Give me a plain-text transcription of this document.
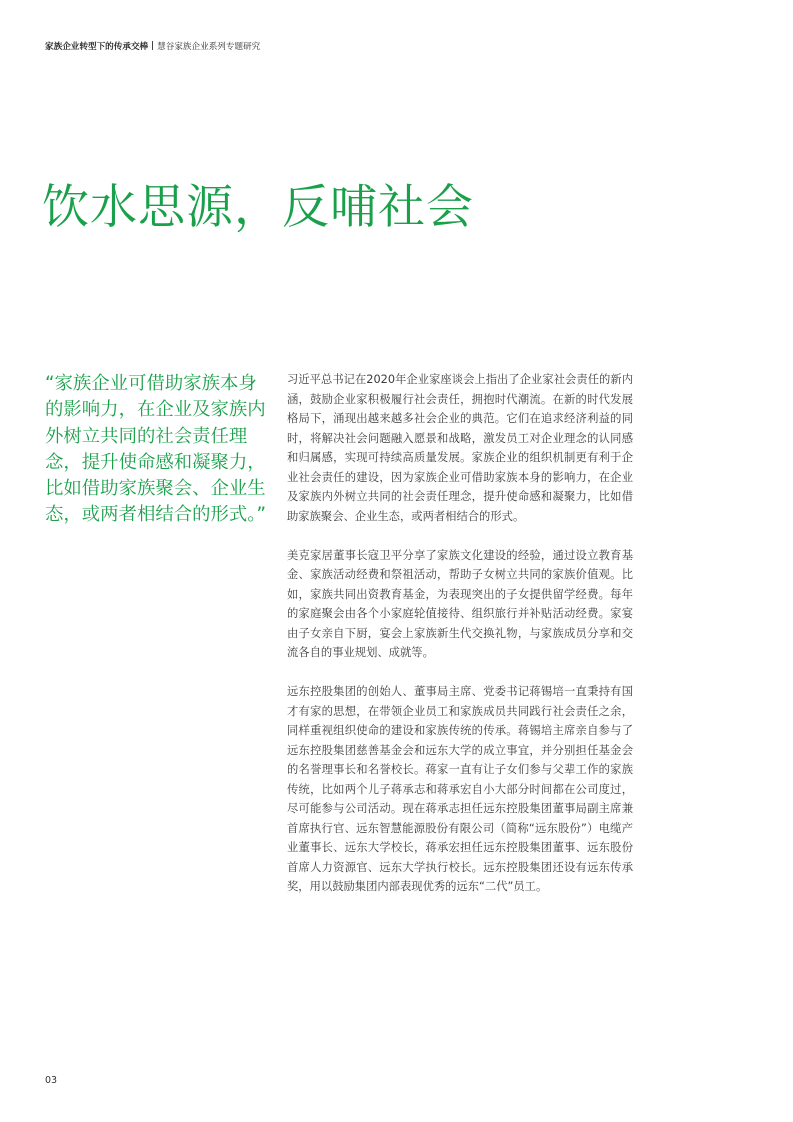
家族企业转型下的传承交棒 慧谷家族企业系列专题研究
饮水思源，反哺社会

“家族企业可借助家族本身的影响力，在企业及家族内外树立共同的社会责任理念，提升使命感和凝聚力，比如借助家族聚会、企业生态，或两者相结合的形式。”

习近平总书记在2020年企业家座谈会上指出了企业家社会责任的新内涵，鼓励企业家积极履行社会责任，拥抱时代潮流。在新的时代发展格局下，涌现出越来越多社会企业的典范。它们在追求经济利益的同时，将解决社会问题融入愿景和战略，激发员工对企业理念的认同感和归属感，实现可持续高质量发展。家族企业的组织机制更有利于企业社会责任的建设，因为家族企业可借助家族本身的影响力，在企业及家族内外树立共同的社会责任理念，提升使命感和凝聚力，比如借助家族聚会、企业生态，或两者相结合的形式。

美克家居董事长寇卫平分享了家族文化建设的经验，通过设立教育基金、家族活动经费和祭祖活动，帮助子女树立共同的家族价值观。比如，家族共同出资教育基金，为表现突出的子女提供留学经费。每年的家庭聚会由各个小家庭轮值接待、组织旅行并补贴活动经费。家宴由子女亲自下厨，宴会上家族新生代交换礼物，与家族成员分享和交流各自的事业规划、成就等。

远东控股集团的创始人、董事局主席、党委书记蒋锡培一直秉持有国才有家的思想，在带领企业员工和家族成员共同践行社会责任之余，同样重视组织使命的建设和家族传统的传承。蒋锡培主席亲自参与了远东控股集团慈善基金会和远东大学的成立事宜，并分别担任基金会的名誉理事长和名誉校长。蒋家一直有让子女们参与父辈工作的家族传统，比如两个儿子蒋承志和蒋承宏自小大部分时间都在公司度过，尽可能参与公司活动。现在蒋承志担任远东控股集团董事局副主席兼首席执行官、远东智慧能源股份有限公司（简称“远东股份”）电缆产业董事长、远东大学校长，蒋承宏担任远东控股集团董事、远东股份首席人力资源官、远东大学执行校长。远东控股集团还设有远东传承奖，用以鼓励集团内部表现优秀的远东“二代”员工。

03
